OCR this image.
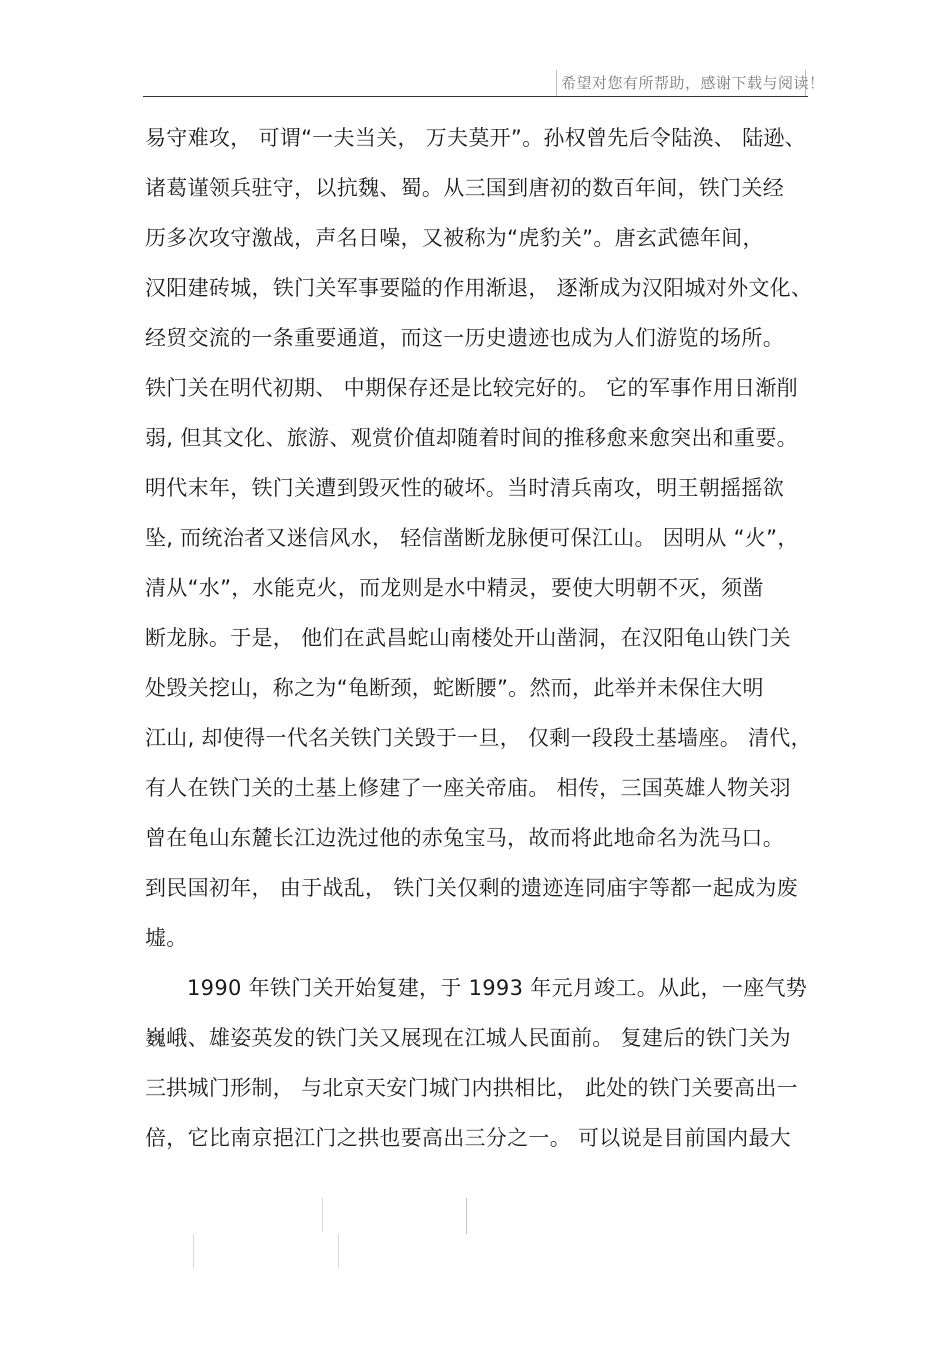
希望对您有所帮助，感谢下载与阅读！
易守难攻， 可谓“一夫当关， 万夫莫开”。孙权曾先后令陆涣、 陆逊、
诸葛谨领兵驻守，以抗魏、蜀。从三国到唐初的数百年间，铁门关经
历多次攻守激战，声名日噪，又被称为“虎豹关”。唐玄武德年间，
汉阳建砖城，铁门关军事要隘的作用渐退， 逐渐成为汉阳城对外文化、
经贸交流的一条重要通道，而这一历史遗迹也成为人们游览的场所。
铁门关在明代初期、 中期保存还是比较完好的。 它的军事作用日渐削
弱, 但其文化、旅游、观赏价值却随着时间的推移愈来愈突出和重要。
明代末年，铁门关遭到毁灭性的破坏。当时清兵南攻，明王朝摇摇欲
坠, 而统治者又迷信风水， 轻信凿断龙脉便可保江山。 因明从 “火”，
清从“水”，水能克火，而龙则是水中精灵，要使大明朝不灭，须凿
断龙脉。于是， 他们在武昌蛇山南楼处开山凿洞，在汉阳龟山铁门关
处毁关挖山，称之为“龟断颈，蛇断腰”。然而，此举并未保住大明
江山, 却使得一代名关铁门关毁于一旦， 仅剩一段段土基墙座。 清代，
有人在铁门关的土基上修建了一座关帝庙。 相传，三国英雄人物关羽
曾在龟山东麓长江边洗过他的赤兔宝马，故而将此地命名为洗马口。
到民国初年， 由于战乱， 铁门关仅剩的遗迹连同庙宇等都一起成为废
墟。
1990 年铁门关开始复建，于 1993 年元月竣工。从此，一座气势
巍峨、雄姿英发的铁门关又展现在江城人民面前。 复建后的铁门关为
三拱城门形制， 与北京天安门城门内拱相比， 此处的铁门关要高出一
倍，它比南京挹江门之拱也要高出三分之一。 可以说是目前国内最大
